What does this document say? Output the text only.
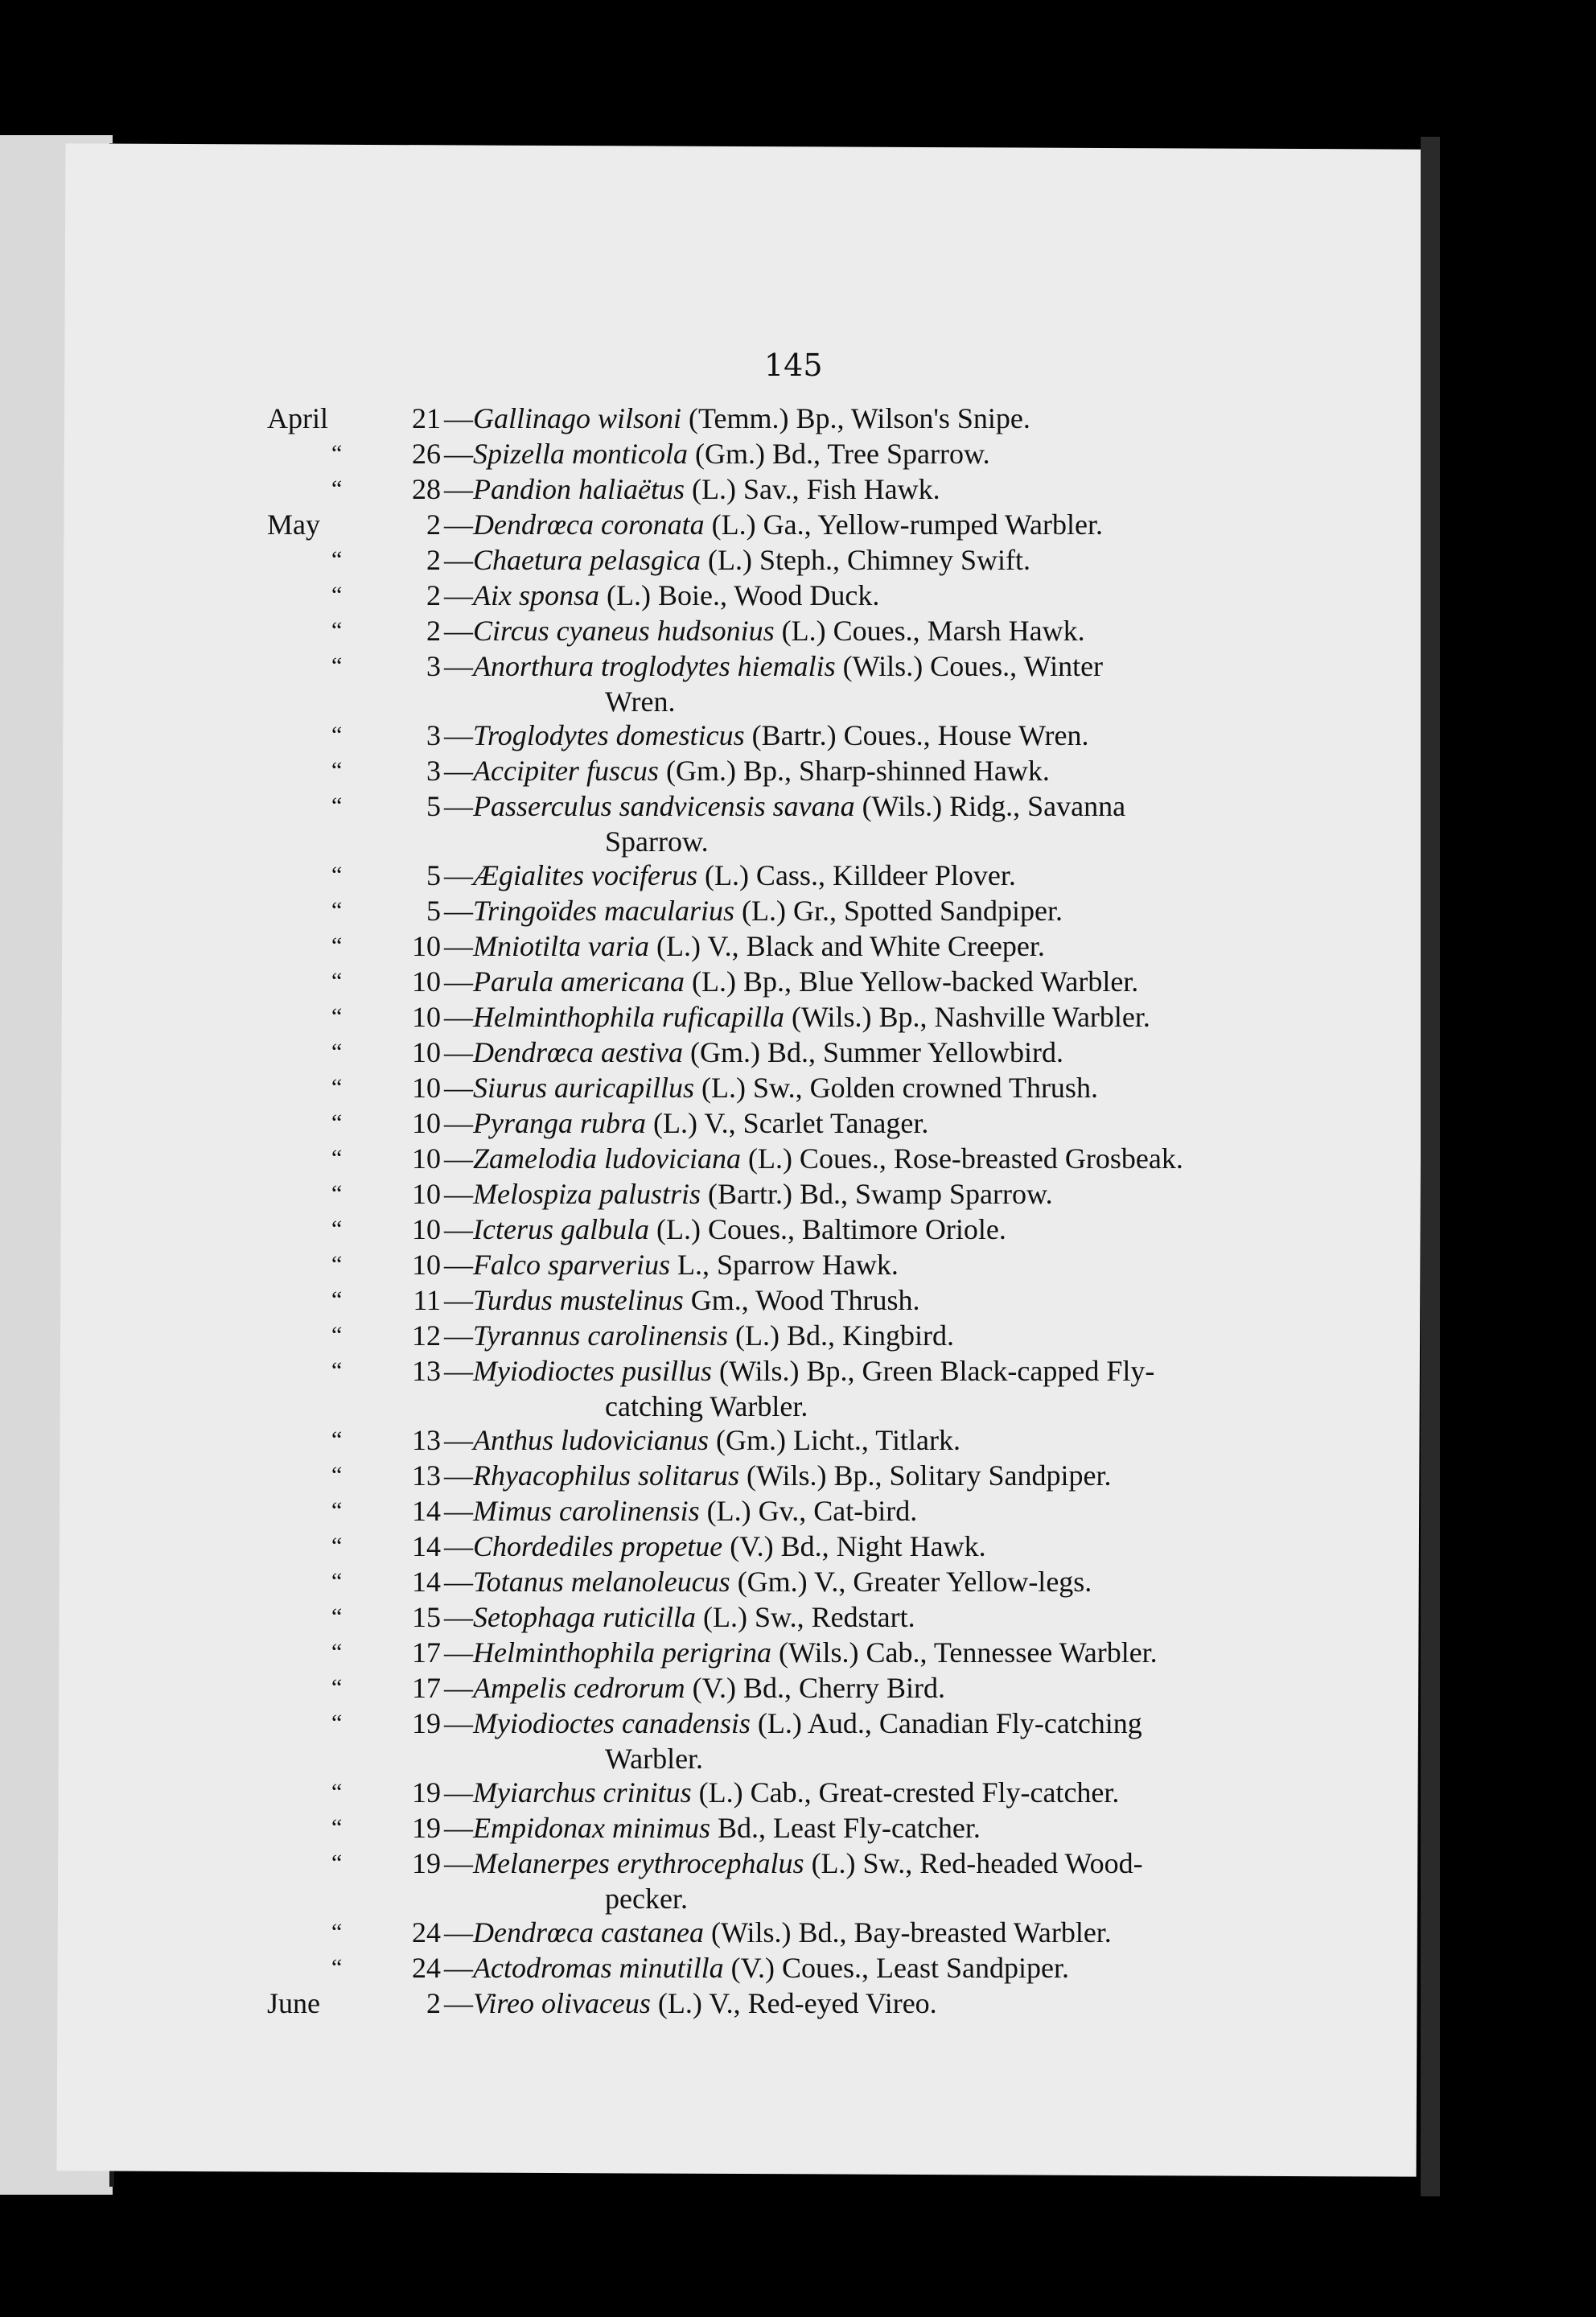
145
April	21 —Gallinago wilsoni (Temm.) Bp., Wilson's Snipe.
“	26 —Spizella monticola (Gm.) Bd., Tree Sparrow.
“	28 —Pandion haliaëtus (L.) Sav., Fish Hawk.
May	2 —Dendrœca coronata (L.) Ga., Yellow-rumped Warbler.
“	2 —Chaetura pelasgica (L.) Steph., Chimney Swift.
“	2 —Aix sponsa (L.) Boie., Wood Duck.
“	2 —Circus cyaneus hudsonius (L.) Coues., Marsh Hawk.
“	3 —Anorthura troglodytes hiemalis (Wils.) Coues., Winter
Wren.
“	3 —Troglodytes domesticus (Bartr.) Coues., House Wren.
“	3 —Accipiter fuscus (Gm.) Bp., Sharp-shinned Hawk.
“	5 —Passerculus sandvicensis savana (Wils.) Ridg., Savanna
Sparrow.
“	5 —Ægialites vociferus (L.) Cass., Killdeer Plover.
“	5 —Tringoïdes macularius (L.) Gr., Spotted Sandpiper.
“	10 —Mniotilta varia (L.) V., Black and White Creeper.
“	10 —Parula americana (L.) Bp., Blue Yellow-backed Warbler.
“	10 —Helminthophila ruficapilla (Wils.) Bp., Nashville Warbler.
“	10 —Dendrœca aestiva (Gm.) Bd., Summer Yellowbird.
“	10 —Siurus auricapillus (L.) Sw., Golden crowned Thrush.
“	10 —Pyranga rubra (L.) V., Scarlet Tanager.
“	10 —Zamelodia ludoviciana (L.) Coues., Rose-breasted Grosbeak.
“	10 —Melospiza palustris (Bartr.) Bd., Swamp Sparrow.
“	10 —Icterus galbula (L.) Coues., Baltimore Oriole.
“	10 —Falco sparverius L., Sparrow Hawk.
“	11 —Turdus mustelinus Gm., Wood Thrush.
“	12 —Tyrannus carolinensis (L.) Bd., Kingbird.
“	13 —Myiodioctes pusillus (Wils.) Bp., Green Black-capped Fly-
catching Warbler.
“	13 —Anthus ludovicianus (Gm.) Licht., Titlark.
“	13 —Rhyacophilus solitarus (Wils.) Bp., Solitary Sandpiper.
“	14 —Mimus carolinensis (L.) Gv., Cat-bird.
“	14 —Chordediles propetue (V.) Bd., Night Hawk.
“	14 —Totanus melanoleucus (Gm.) V., Greater Yellow-legs.
“	15 —Setophaga ruticilla (L.) Sw., Redstart.
“	17 —Helminthophila perigrina (Wils.) Cab., Tennessee Warbler.
“	17 —Ampelis cedrorum (V.) Bd., Cherry Bird.
“	19 —Myiodioctes canadensis (L.) Aud., Canadian Fly-catching
Warbler.
“	19 —Myiarchus crinitus (L.) Cab., Great-crested Fly-catcher.
“	19 —Empidonax minimus Bd., Least Fly-catcher.
“	19 —Melanerpes erythrocephalus (L.) Sw., Red-headed Wood-
pecker.
“	24 —Dendrœca castanea (Wils.) Bd., Bay-breasted Warbler.
“	24 —Actodromas minutilla (V.) Coues., Least Sandpiper.
June	2 —Vireo olivaceus (L.) V., Red-eyed Vireo.
